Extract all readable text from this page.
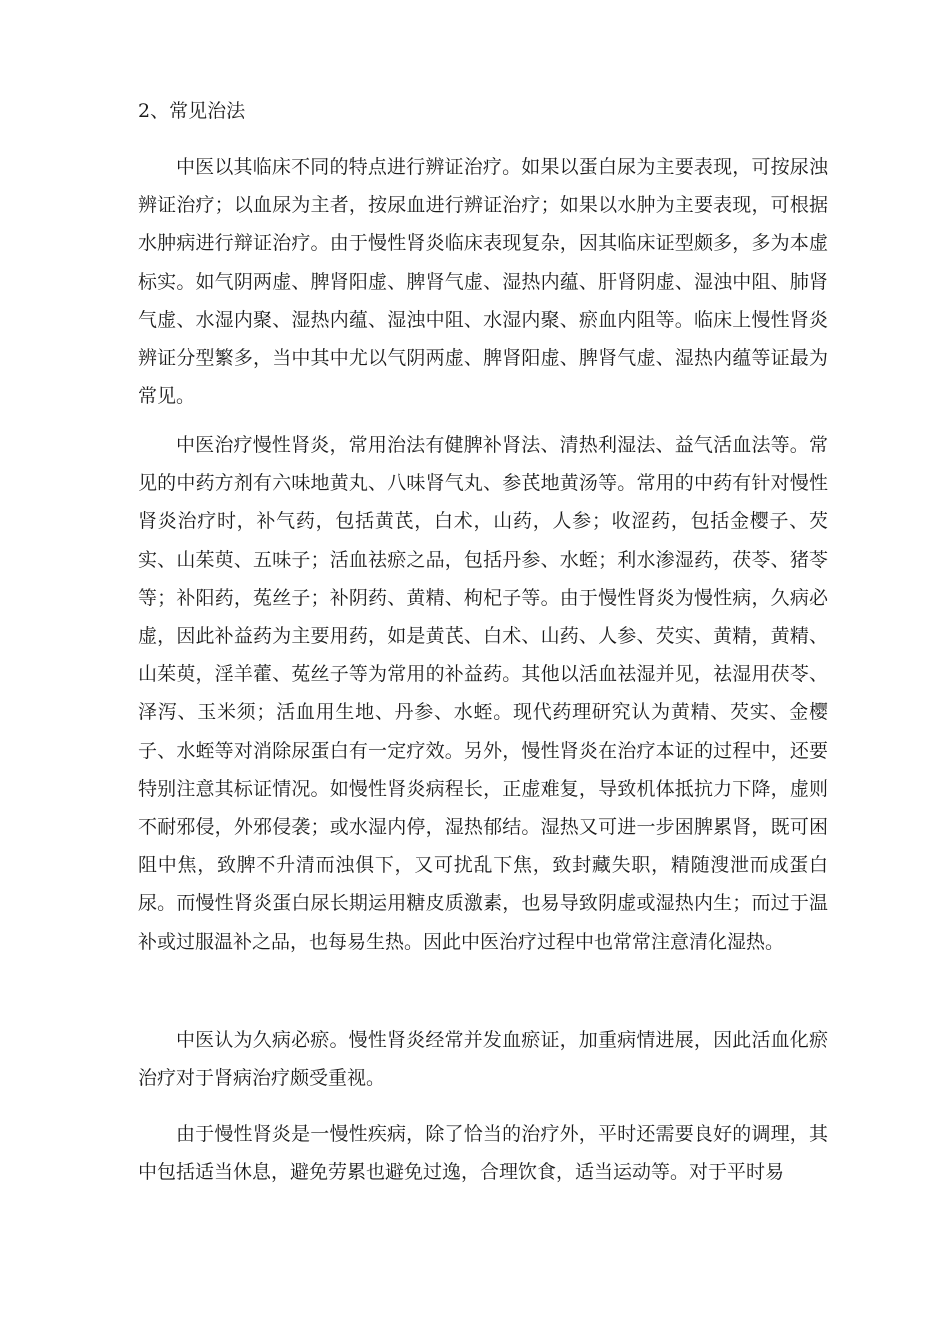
2、常见治法

中医以其临床不同的特点进行辨证治疗。如果以蛋白尿为主要表现，可按尿浊辨证治疗；以血尿为主者，按尿血进行辨证治疗；如果以水肿为主要表现，可根据水肿病进行辩证治疗。由于慢性肾炎临床表现复杂，因其临床证型颇多，多为本虚标实。如气阴两虚、脾肾阳虚、脾肾气虚、湿热内蕴、肝肾阴虚、湿浊中阻、肺肾气虚、水湿内聚、湿热内蕴、湿浊中阻、水湿内聚、瘀血内阻等。临床上慢性肾炎辨证分型繁多，当中其中尤以气阴两虚、脾肾阳虚、脾肾气虚、湿热内蕴等证最为常见。

中医治疗慢性肾炎，常用治法有健脾补肾法、清热利湿法、益气活血法等。常见的中药方剂有六味地黄丸、八味肾气丸、参芪地黄汤等。常用的中药有针对慢性肾炎治疗时，补气药，包括黄芪，白术，山药，人参；收涩药，包括金樱子、芡实、山茱萸、五味子；活血祛瘀之品，包括丹参、水蛭；利水渗湿药，茯苓、猪苓等；补阳药，菟丝子；补阴药、黄精、枸杞子等。由于慢性肾炎为慢性病，久病必虚，因此补益药为主要用药，如是黄芪、白术、山药、人参、芡实、黄精，黄精、山茱萸，淫羊藿、菟丝子等为常用的补益药。其他以活血祛湿并见，祛湿用茯苓、泽泻、玉米须；活血用生地、丹参、水蛭。现代药理研究认为黄精、芡实、金樱子、水蛭等对消除尿蛋白有一定疗效。另外，慢性肾炎在治疗本证的过程中，还要特别注意其标证情况。如慢性肾炎病程长，正虚难复，导致机体抵抗力下降，虚则不耐邪侵，外邪侵袭；或水湿内停，湿热郁结。湿热又可进一步困脾累肾，既可困阻中焦，致脾不升清而浊俱下，又可扰乱下焦，致封藏失职，精随溲泄而成蛋白尿。而慢性肾炎蛋白尿长期运用糖皮质激素，也易导致阴虚或湿热内生；而过于温补或过服温补之品，也每易生热。因此中医治疗过程中也常常注意清化湿热。

中医认为久病必瘀。慢性肾炎经常并发血瘀证，加重病情进展，因此活血化瘀治疗对于肾病治疗颇受重视。

由于慢性肾炎是一慢性疾病，除了恰当的治疗外，平时还需要良好的调理，其中包括适当休息，避免劳累也避免过逸，合理饮食，适当运动等。对于平时易
